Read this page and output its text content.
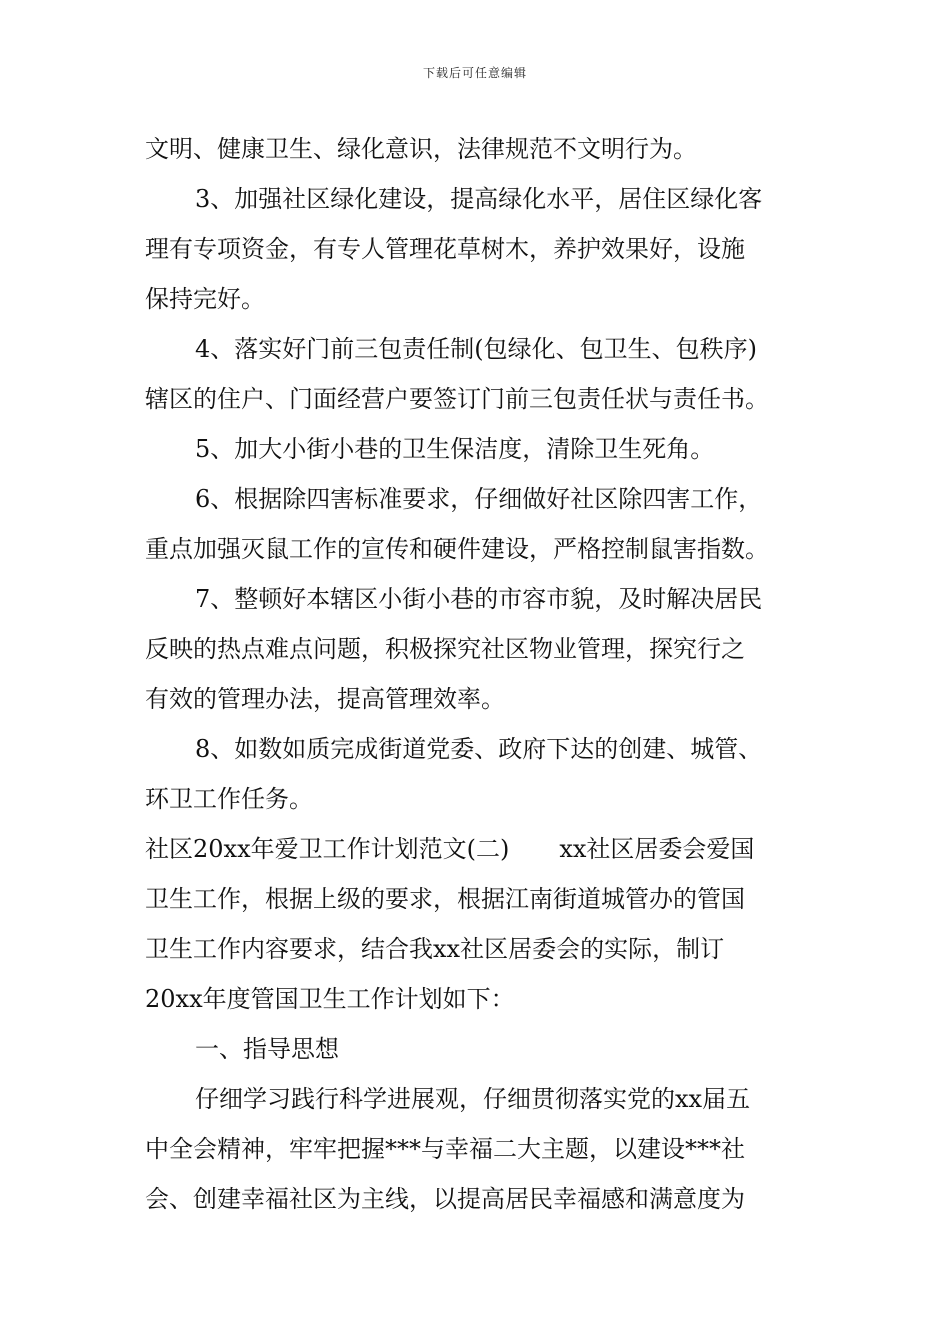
下载后可任意编辑
文明、健康卫生、绿化意识，法律规范不文明行为。
3、加强社区绿化建设，提高绿化水平，居住区绿化客
理有专项资金，有专人管理花草树木，养护效果好，设施
保持完好。
4、落实好门前三包责任制(包绿化、包卫生、包秩序)
辖区的住户、门面经营户要签订门前三包责任状与责任书。
5、加大小街小巷的卫生保洁度，清除卫生死角。
6、根据除四害标准要求，仔细做好社区除四害工作，
重点加强灭鼠工作的宣传和硬件建设，严格控制鼠害指数。
7、整顿好本辖区小街小巷的市容市貌，及时解决居民
反映的热点难点问题，积极探究社区物业管理，探究行之
有效的管理办法，提高管理效率。
8、如数如质完成街道党委、政府下达的创建、城管、
环卫工作任务。
社区20xx年爱卫工作计划范文(二) xx社区居委会爱国
卫生工作，根据上级的要求，根据江南街道城管办的管国
卫生工作内容要求，结合我xx社区居委会的实际，制订
20xx年度管国卫生工作计划如下：
一、指导思想
仔细学习践行科学进展观，仔细贯彻落实党的xx届五
中全会精神，牢牢把握***与幸福二大主题，以建设***社
会、创建幸福社区为主线，以提高居民幸福感和满意度为
